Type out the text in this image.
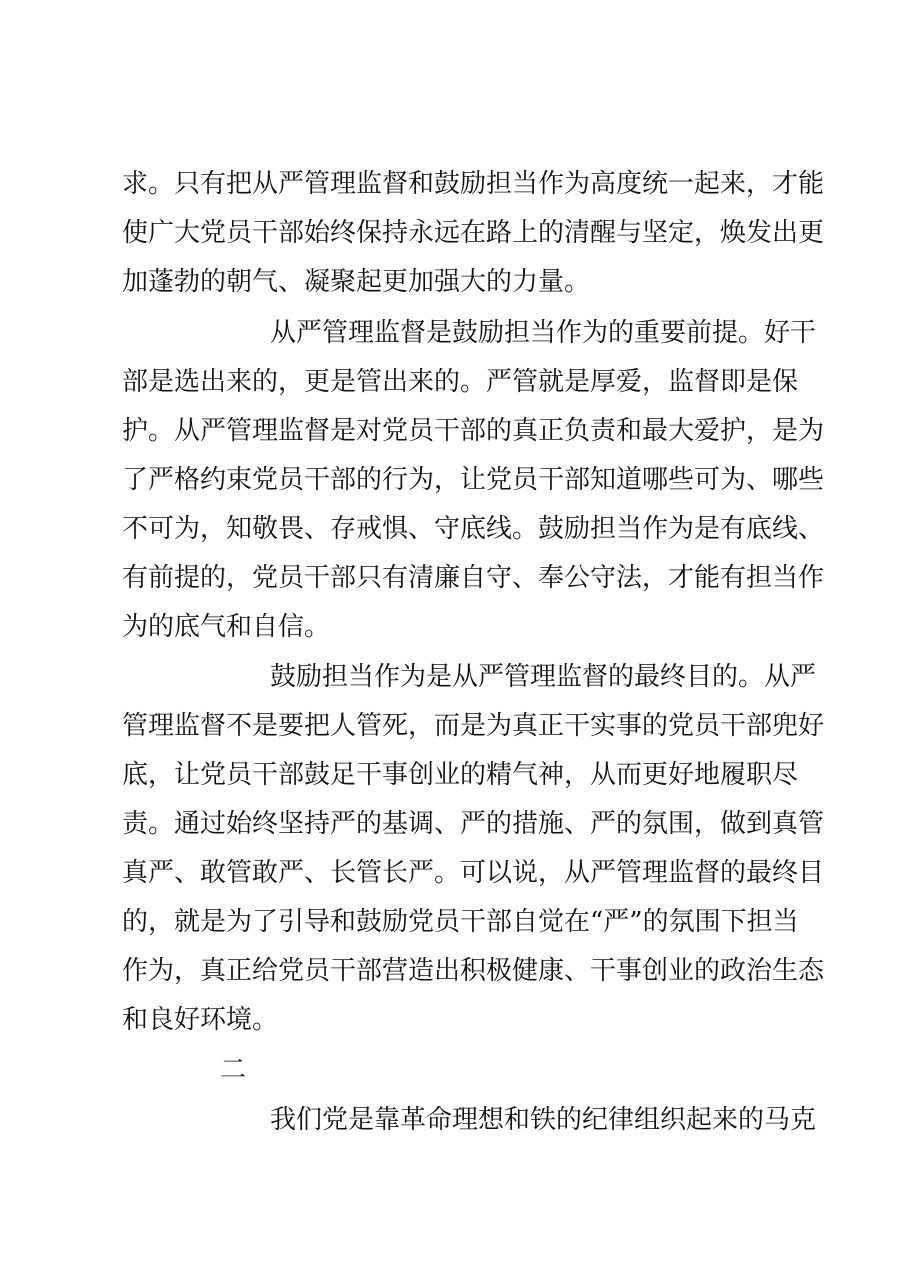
求。只有把从严管理监督和鼓励担当作为高度统一起来，才能
使广大党员干部始终保持永远在路上的清醒与坚定，焕发出更
加蓬勃的朝气、凝聚起更加强大的力量。
从严管理监督是鼓励担当作为的重要前提。好干
部是选出来的，更是管出来的。严管就是厚爱，监督即是保
护。从严管理监督是对党员干部的真正负责和最大爱护，是为
了严格约束党员干部的行为，让党员干部知道哪些可为、哪些
不可为，知敬畏、存戒惧、守底线。鼓励担当作为是有底线、
有前提的，党员干部只有清廉自守、奉公守法，才能有担当作
为的底气和自信。
鼓励担当作为是从严管理监督的最终目的。从严
管理监督不是要把人管死，而是为真正干实事的党员干部兜好
底，让党员干部鼓足干事创业的精气神，从而更好地履职尽
责。通过始终坚持严的基调、严的措施、严的氛围，做到真管
真严、敢管敢严、长管长严。可以说，从严管理监督的最终目
的，就是为了引导和鼓励党员干部自觉在“严”的氛围下担当
作为，真正给党员干部营造出积极健康、干事创业的政治生态
和良好环境。
二
我们党是靠革命理想和铁的纪律组织起来的马克
